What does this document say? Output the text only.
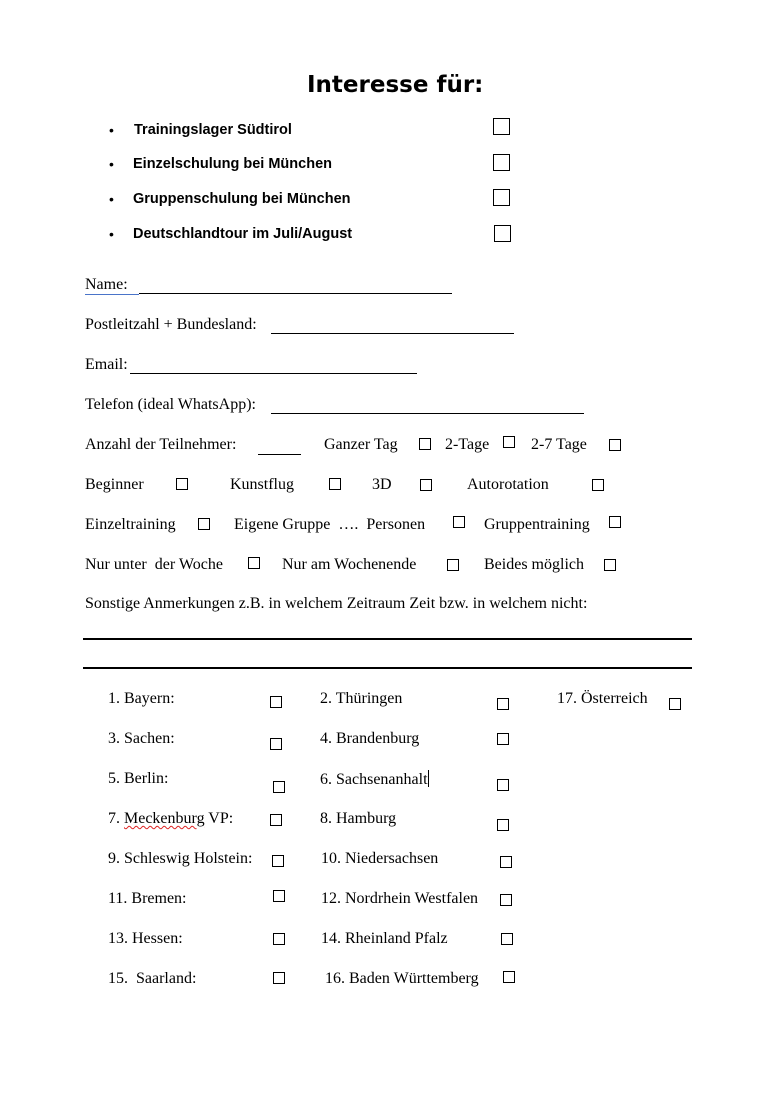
Interesse für:
• Trainingslager Südtirol
• Einzelschulung bei München
• Gruppenschulung bei München
• Deutschlandtour im Juli/August
Name:
Postleitzahl + Bundesland:
Email:
Telefon (ideal WhatsApp):
Anzahl der Teilnehmer:	Ganzer Tag	2-Tage	2-7 Tage
Beginner	Kunstflug	3D	Autorotation
Einzeltraining	Eigene Gruppe  ….  Personen	Gruppentraining
Nur unter  der Woche	Nur am Wochenende	Beides möglich
Sonstige Anmerkungen z.B. in welchem Zeitraum Zeit bzw. in welchem nicht:
1. Bayern:	2. Thüringen	17. Österreich
3. Sachen:	4. Brandenburg
5. Berlin:	6. Sachsenanhalt
7. Meckenburg VP:	8. Hamburg
9. Schleswig Holstein:	10. Niedersachsen
11. Bremen:	12. Nordrhein Westfalen
13. Hessen:	14. Rheinland Pfalz
15.  Saarland:	16. Baden Württemberg
